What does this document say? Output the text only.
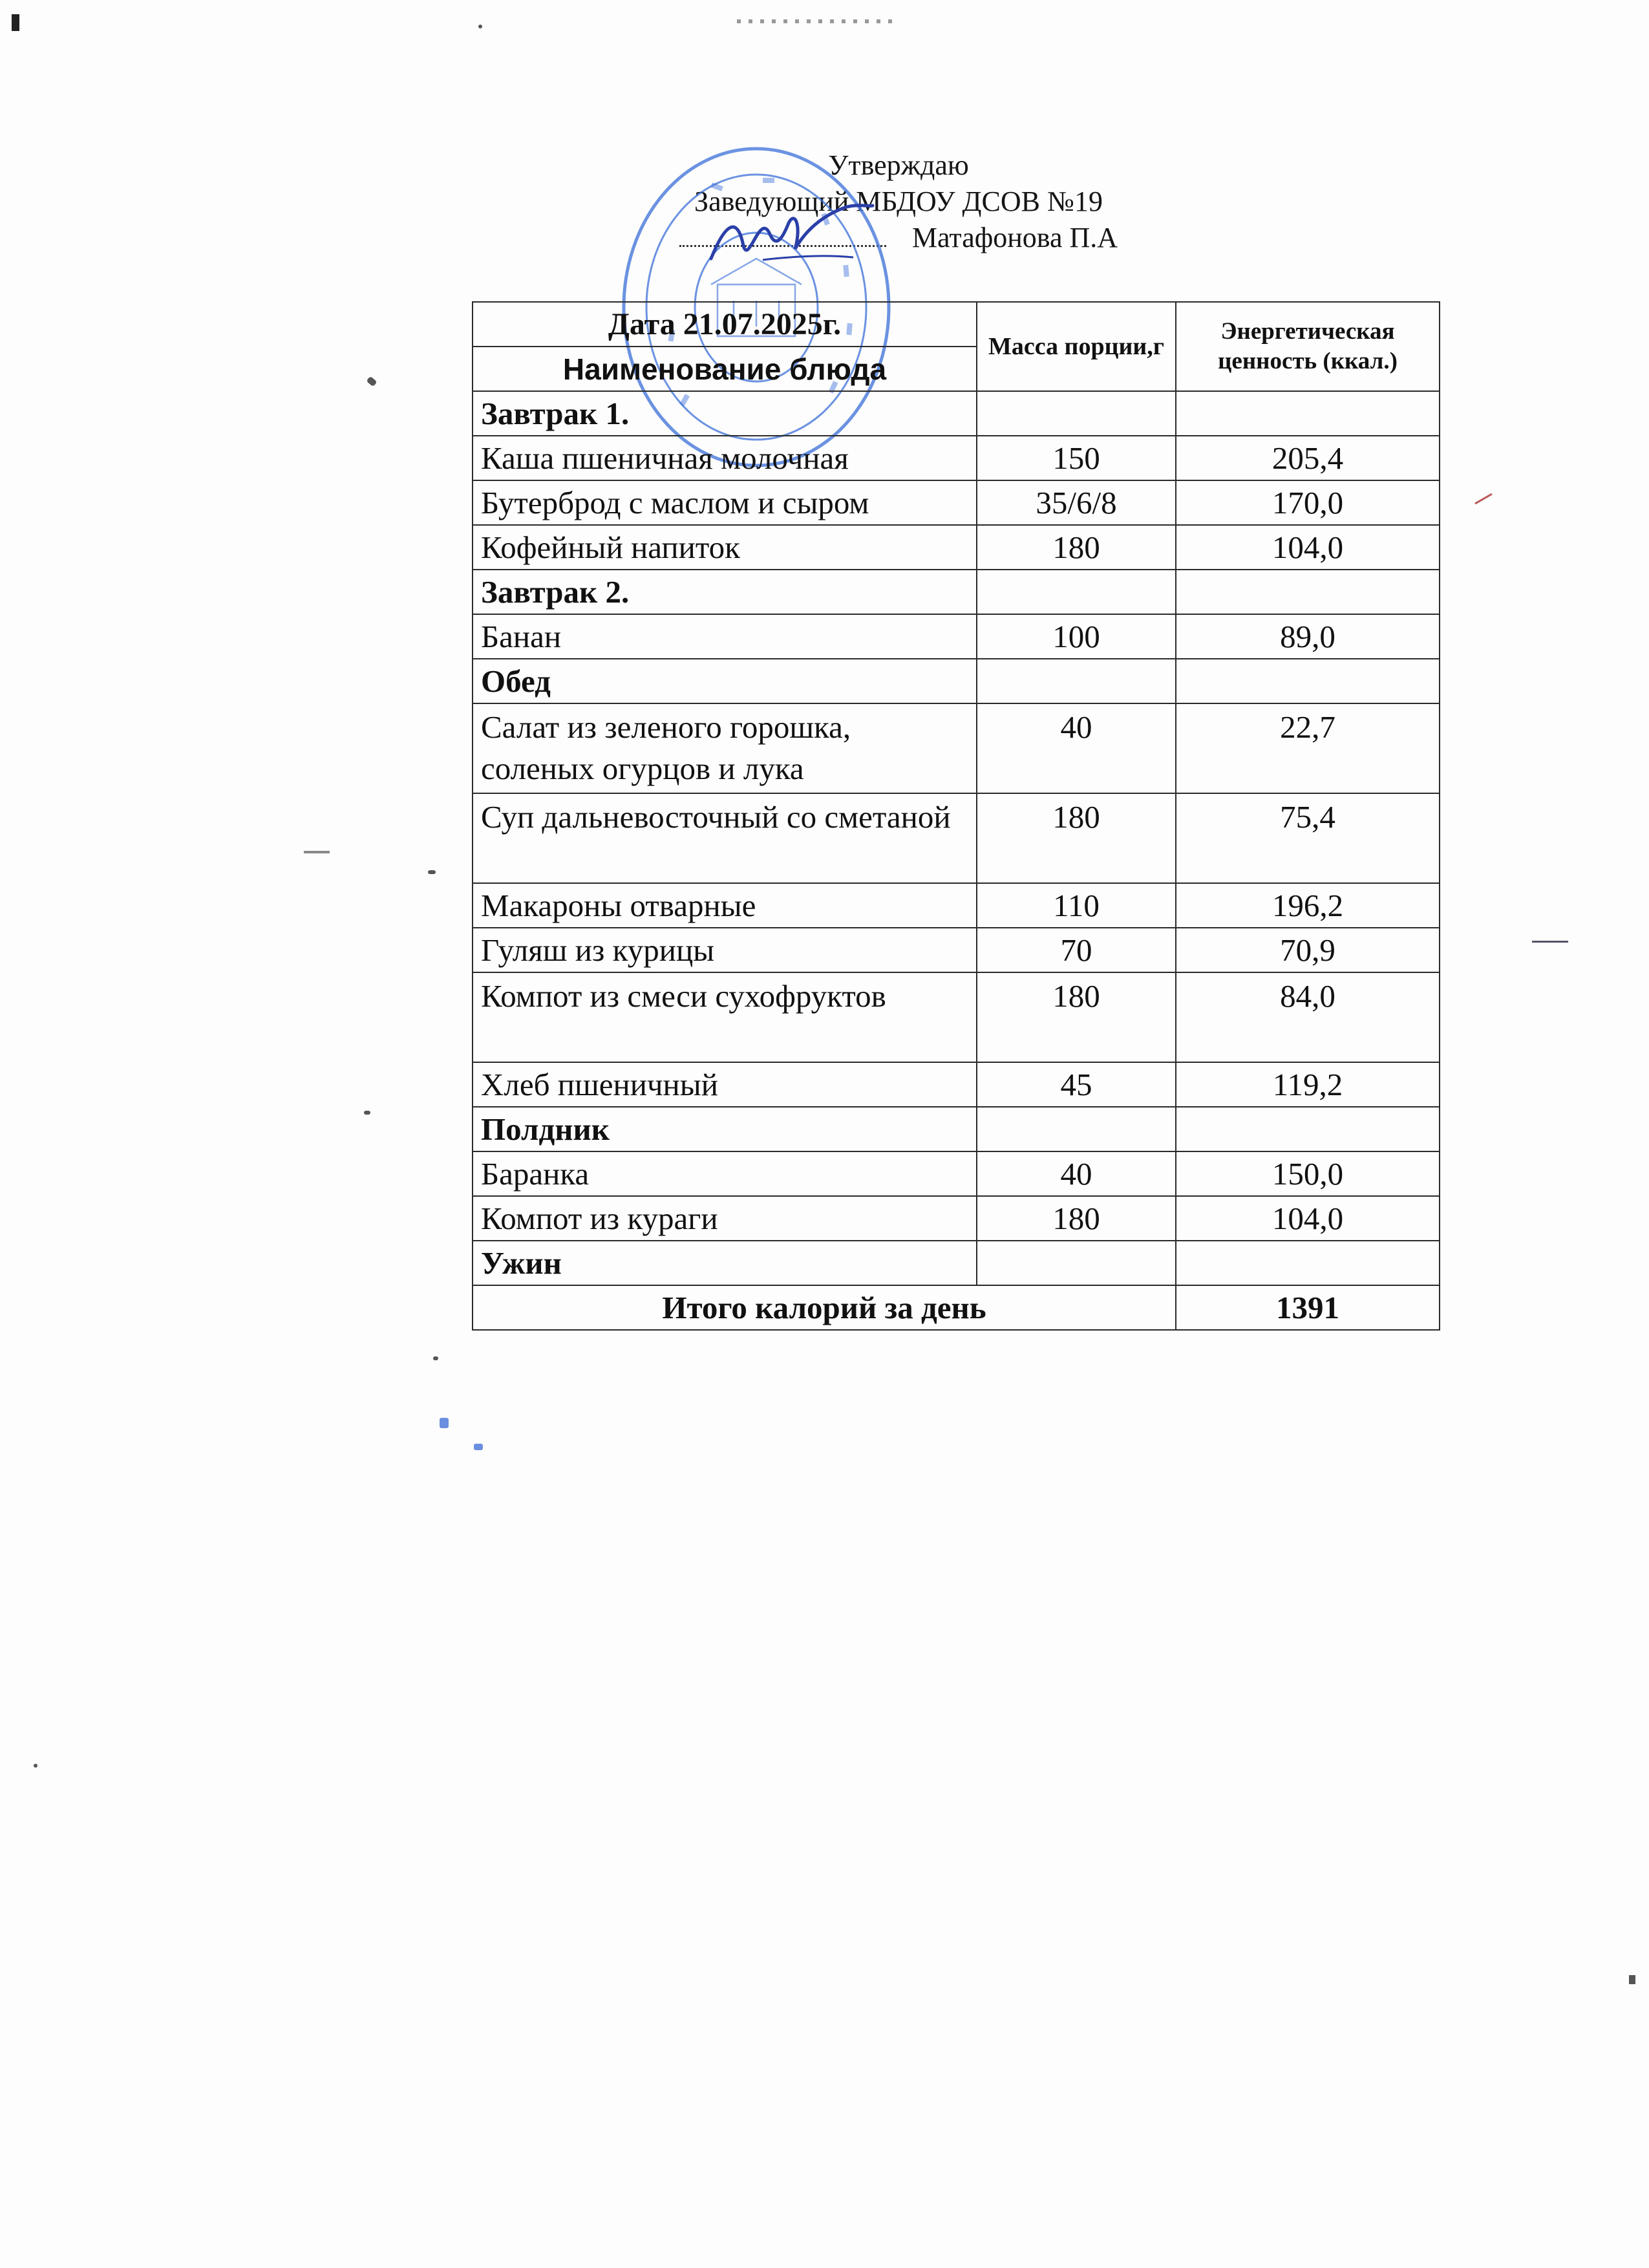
Утверждаю
Заведующий МБДОУ ДСОВ №19
Матафонова П.А
Дата 21.07.2025г.	Масса порции,г	Энергетическая ценность (ккал.)
Наименование блюда		
Завтрак 1.		
Каша пшеничная молочная	150	205,4
Бутерброд с маслом и сыром	35/6/8	170,0
Кофейный напиток	180	104,0
Завтрак 2.		
Банан	100	89,0
Обед		
Салат из зеленого горошка, соленых огурцов и лука	40	22,7
Суп дальневосточный со сметаной	180	75,4
Макароны отварные	110	196,2
Гуляш из курицы	70	70,9
Компот из смеси сухофруктов	180	84,0
Хлеб пшеничный	45	119,2
Полдник		
Баранка	40	150,0
Компот из кураги	180	104,0
Ужин		
Итого калорий за день		1391
